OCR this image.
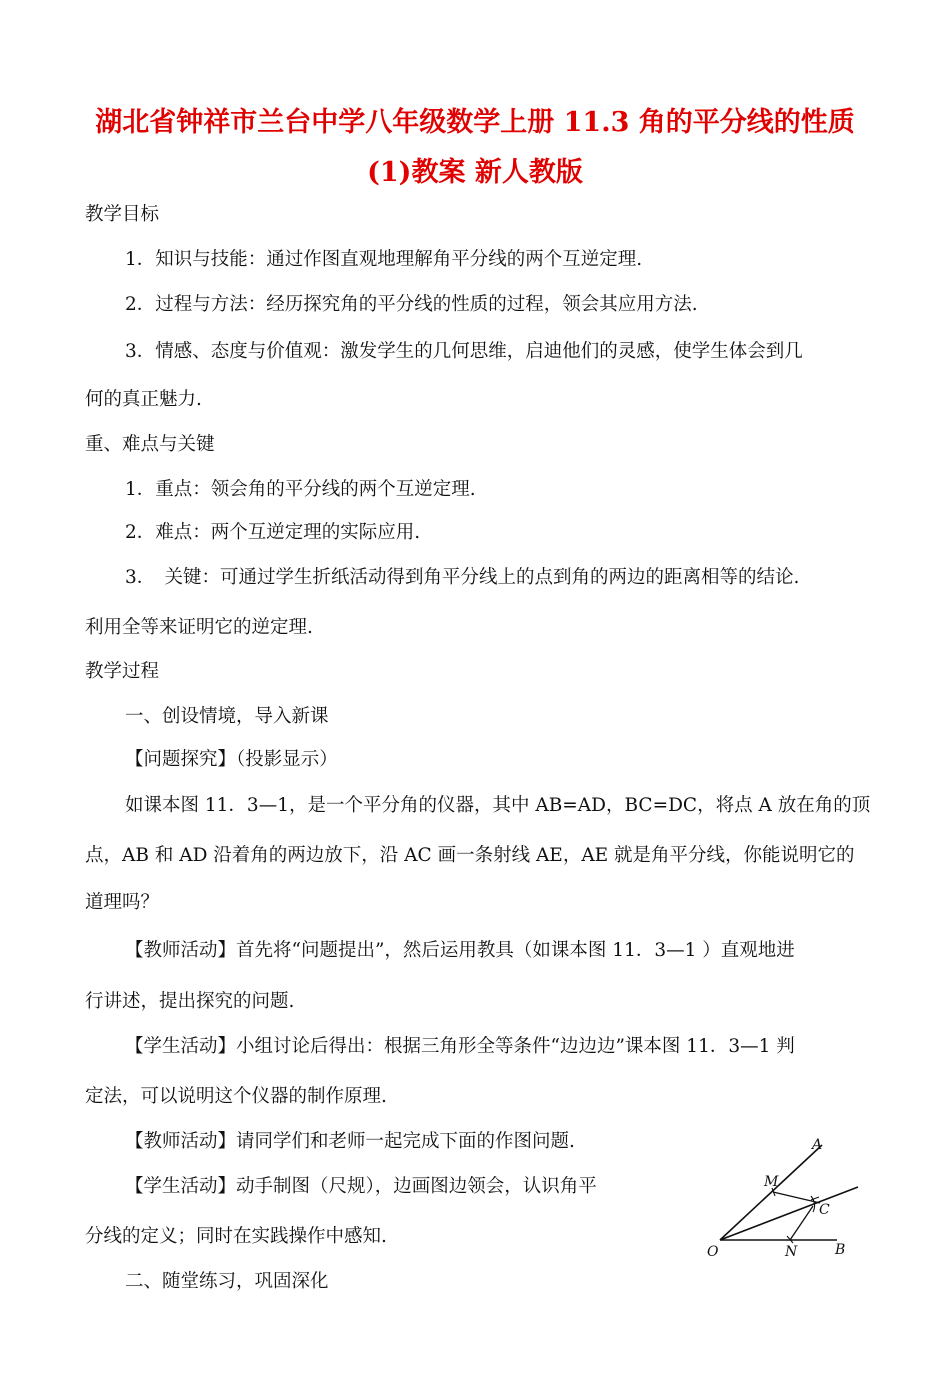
湖北省钟祥市兰台中学八年级数学上册 11.3 角的平分线的性质
(1)教案 新人教版

教学目标

1．知识与技能：通过作图直观地理解角平分线的两个互逆定理.

2．过程与方法：经历探究角的平分线的性质的过程，领会其应用方法.

3．情感、态度与价值观：激发学生的几何思维，启迪他们的灵感，使学生体会到几

何的真正魅力.

重、难点与关键

1．重点：领会角的平分线的两个互逆定理.

2．难点：两个互逆定理的实际应用.

3．　关键：可通过学生折纸活动得到角平分线上的点到角的两边的距离相等的结论.

利用全等来证明它的逆定理.

教学过程

一、创设情境，导入新课

【问题探究】（投影显示）

如课本图 11．3—1，是一个平分角的仪器，其中 AB=AD，BC=DC，将点 A 放在角的顶

点，AB 和 AD 沿着角的两边放下，沿 AC 画一条射线 AE，AE 就是角平分线，你能说明它的

道理吗？

【教师活动】首先将“问题提出”，然后运用教具（如课本图 11．3—1 ）直观地进

行讲述，提出探究的问题.

【学生活动】小组讨论后得出：根据三角形全等条件“边边边”课本图 11．3—1 判

定法，可以说明这个仪器的制作原理.

【教师活动】请同学们和老师一起完成下面的作图问题.

【学生活动】动手制图（尺规），边画图边领会，认识角平

分线的定义；同时在实践操作中感知.

二、随堂练习，巩固深化

A
M
C
O	N	B
